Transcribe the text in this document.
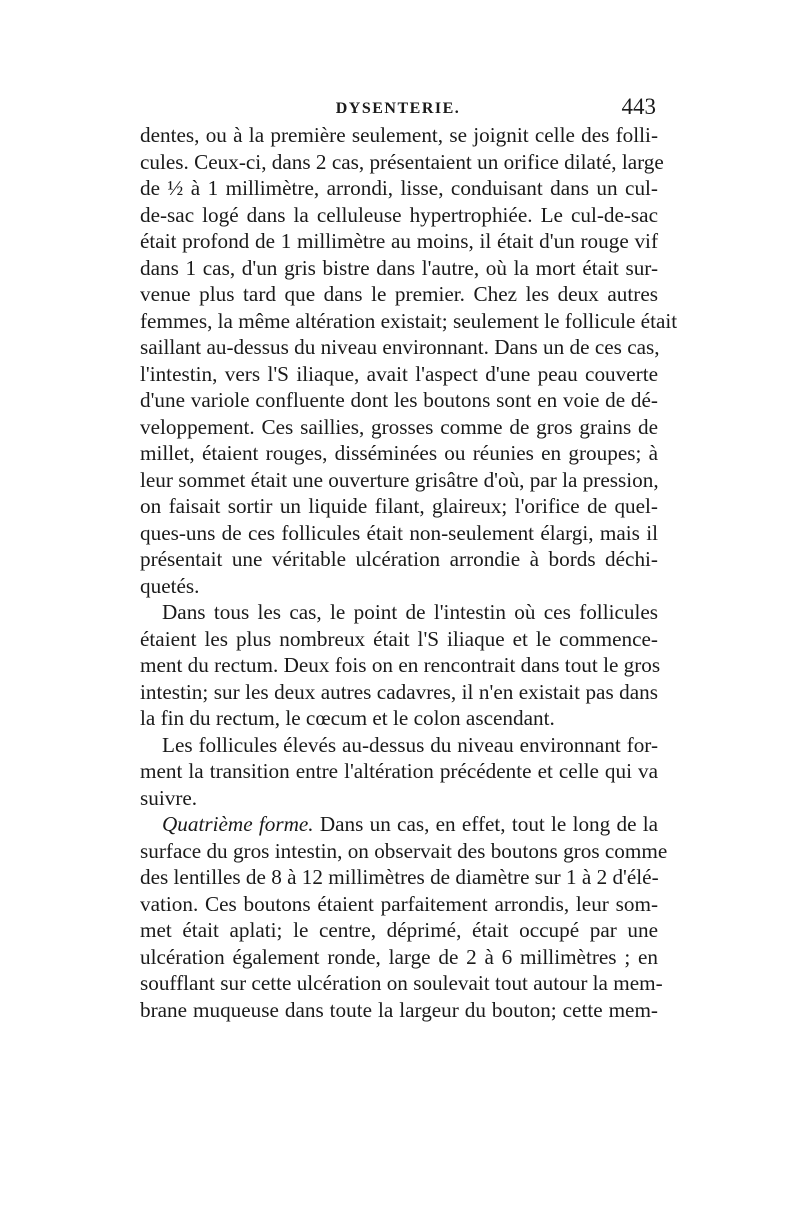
DYSENTERIE.	443
dentes, ou à la première seulement, se joignit celle des folli-
cules. Ceux-ci, dans 2 cas, présentaient un orifice dilaté, large
de ½ à 1 millimètre, arrondi, lisse, conduisant dans un cul-
de-sac logé dans la celluleuse hypertrophiée. Le cul-de-sac
était profond de 1 millimètre au moins, il était d'un rouge vif
dans 1 cas, d'un gris bistre dans l'autre, où la mort était sur-
venue plus tard que dans le premier. Chez les deux autres
femmes, la même altération existait; seulement le follicule était
saillant au-dessus du niveau environnant. Dans un de ces cas,
l'intestin, vers l'S iliaque, avait l'aspect d'une peau couverte
d'une variole confluente dont les boutons sont en voie de dé-
veloppement. Ces saillies, grosses comme de gros grains de
millet, étaient rouges, disséminées ou réunies en groupes; à
leur sommet était une ouverture grisâtre d'où, par la pression,
on faisait sortir un liquide filant, glaireux; l'orifice de quel-
ques-uns de ces follicules était non-seulement élargi, mais il
présentait une véritable ulcération arrondie à bords déchi-
quetés.
Dans tous les cas, le point de l'intestin où ces follicules
étaient les plus nombreux était l'S iliaque et le commence-
ment du rectum. Deux fois on en rencontrait dans tout le gros
intestin; sur les deux autres cadavres, il n'en existait pas dans
la fin du rectum, le cœcum et le colon ascendant.
Les follicules élevés au-dessus du niveau environnant for-
ment la transition entre l'altération précédente et celle qui va
suivre.
Quatrième forme. Dans un cas, en effet, tout le long de la
surface du gros intestin, on observait des boutons gros comme
des lentilles de 8 à 12 millimètres de diamètre sur 1 à 2 d'élé-
vation. Ces boutons étaient parfaitement arrondis, leur som-
met était aplati; le centre, déprimé, était occupé par une
ulcération également ronde, large de 2 à 6 millimètres ; en
soufflant sur cette ulcération on soulevait tout autour la mem-
brane muqueuse dans toute la largeur du bouton; cette mem-
